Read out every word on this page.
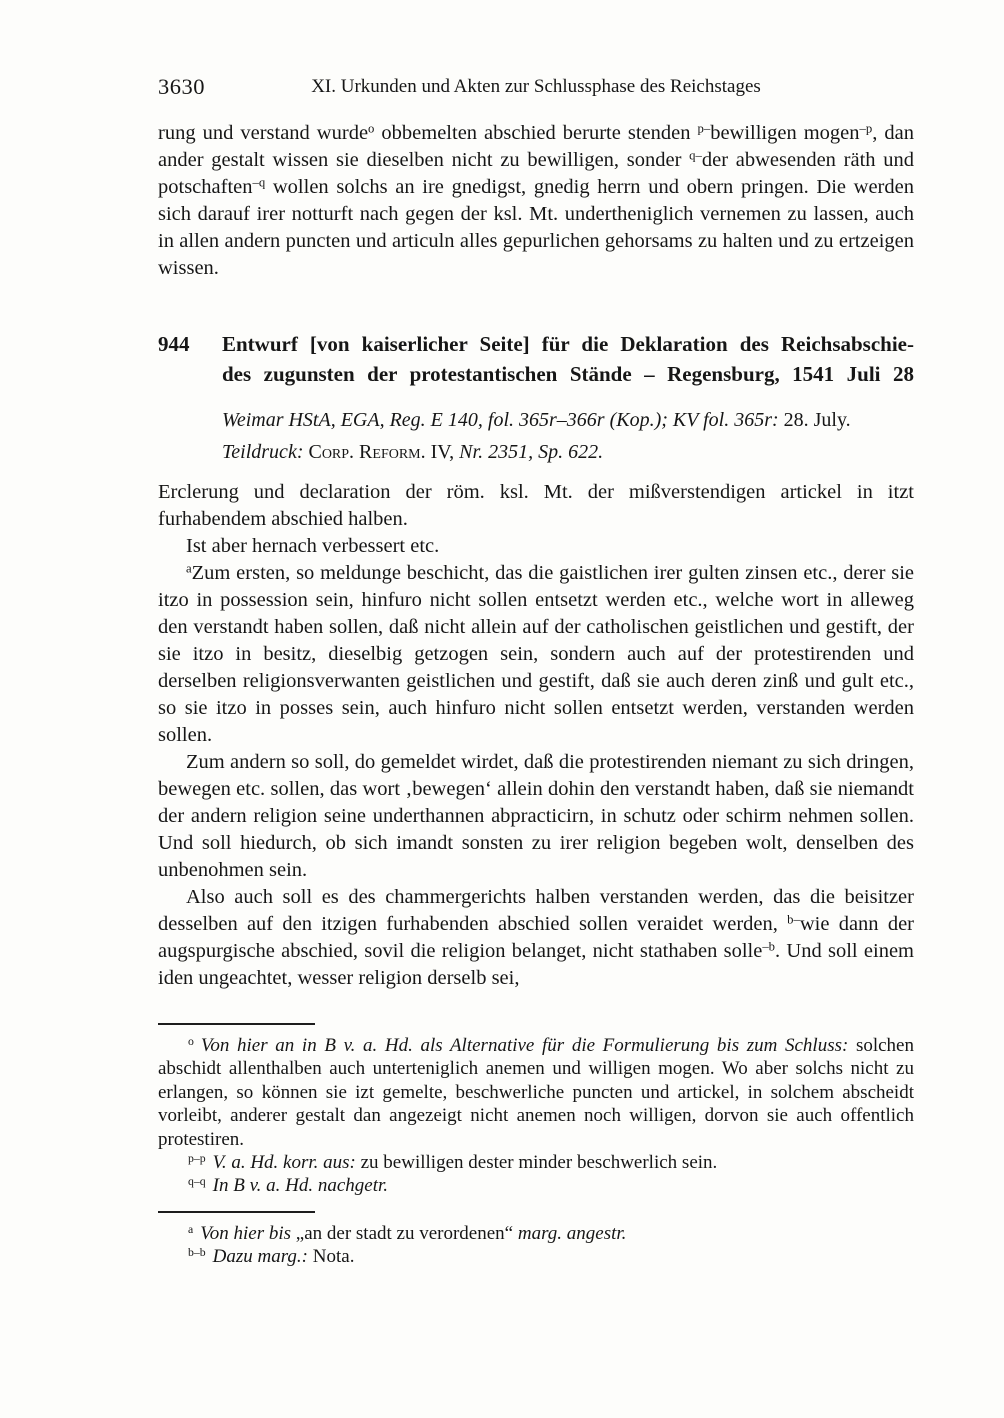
3630	XI. Urkunden und Akten zur Schlussphase des Reichstages

rung und verstand wurde$^o$ obbemelten abschied berurte stenden $^{p-}$bewilligen mogen$^{-p}$, dan ander gestalt wissen sie dieselben nicht zu bewilligen, sonder $^{q-}$der abwesenden räth und potschaften$^{-q}$ wollen solchs an ire gnedigst, gnedig herrn und obern pringen. Die werden sich darauf irer notturft nach gegen der ksl. Mt. undertheniglich vernemen zu lassen, auch in allen andern puncten und articuln alles gepurlichen gehorsams zu halten und zu ertzeigen wissen.

944 Entwurf [von kaiserlicher Seite] für die Deklaration des Reichsabschie-
des zugunsten der protestantischen Stände – Regensburg, 1541 Juli 28
Weimar HStA, EGA, Reg. E 140, fol. 365r–366r (Kop.); KV fol. 365r: 28. July.
Teildruck: Corp. Reform. IV, Nr. 2351, Sp. 622.

Erclerung und declaration der röm. ksl. Mt. der mißverstendigen artickel in itzt furhabendem abschied halben.

Ist aber hernach verbessert etc.

$^a$Zum ersten, so meldunge beschicht, das die gaistlichen irer gulten zinsen etc., derer sie itzo in possession sein, hinfuro nicht sollen entsetzt werden etc., welche wort in alleweg den verstandt haben sollen, daß nicht allein auf der catholischen geistlichen und gestift, der sie itzo in besitz, dieselbig getzogen sein, sondern auch auf der protestirenden und derselben religionsverwanten geistlichen und gestift, daß sie auch deren zinß und gult etc., so sie itzo in posses sein, auch hinfuro nicht sollen entsetzt werden, verstanden werden sollen.

Zum andern so soll, do gemeldet wirdet, daß die protestirenden niemant zu sich dringen, bewegen etc. sollen, das wort ‚bewegen‘ allein dohin den verstandt haben, daß sie niemandt der andern religion seine underthannen abpracticirn, in schutz oder schirm nehmen sollen. Und soll hiedurch, ob sich imandt sonsten zu irer religion begeben wolt, denselben des unbenohmen sein.

Also auch soll es des chammergerichts halben verstanden werden, das die beisitzer desselben auf den itzigen furhabenden abschied sollen veraidet werden, $^{b-}$wie dann der augspurgische abschied, sovil die religion belanget, nicht stathaben solle$^{-b}$. Und soll einem iden ungeachtet, wesser religion derselb sei,

$^o$ Von hier an in B v. a. Hd. als Alternative für die Formulierung bis zum Schluss: solchen abschidt allenthalben auch unterteniglich anemen und willigen mogen. Wo aber solchs nicht zu erlangen, so können sie izt gemelte, beschwerliche puncten und artickel, in solchem abscheidt vorleibt, anderer gestalt dan angezeigt nicht anemen noch willigen, dorvon sie auch offentlich protestiren.

$^{p-p}$ V. a. Hd. korr. aus: zu bewilligen dester minder beschwerlich sein.

$^{q-q}$ In B v. a. Hd. nachgetr.

$^a$ Von hier bis „an der stadt zu verordenen“ marg. angestr.

$^{b-b}$ Dazu marg.: Nota.
